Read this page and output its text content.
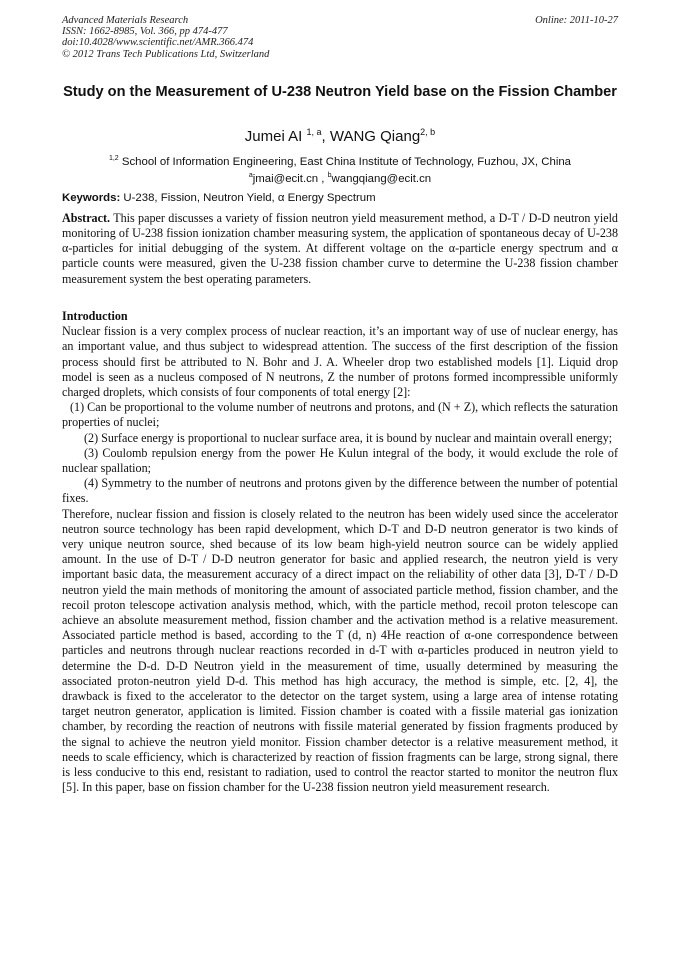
Advanced Materials Research
ISSN: 1662-8985, Vol. 366, pp 474-477
doi:10.4028/www.scientific.net/AMR.366.474
© 2012 Trans Tech Publications Ltd, Switzerland
Online: 2011-10-27
Study on the Measurement of U-238 Neutron Yield base on the Fission Chamber
Jumei AI $^{1, a}$, WANG Qiang$^{2, b}$
$^{1,2}$ School of Information Engineering, East China Institute of Technology, Fuzhou, JX, China
$^a$jmai@ecit.cn , $^b$wangqiang@ecit.cn
Keywords: U-238, Fission, Neutron Yield, α Energy Spectrum
Abstract. This paper discusses a variety of fission neutron yield measurement method, a D-T / D-D neutron yield monitoring of U-238 fission ionization chamber measuring system, the application of spontaneous decay of U-238 α-particles for initial debugging of the system. At different voltage on the α-particle energy spectrum and α particle counts were measured, given the U-238 fission chamber curve to determine the U-238 fission chamber measurement system the best operating parameters.
Introduction

Nuclear fission is a very complex process of nuclear reaction, it’s an important way of use of nuclear energy, has an important value, and thus subject to widespread attention. The success of the first description of the fission process should first be attributed to N. Bohr and J. A. Wheeler drop two established models [1]. Liquid drop model is seen as a nucleus composed of N neutrons, Z the number of protons formed incompressible uniformly charged droplets, which consists of four components of total energy [2]:

(1) Can be proportional to the volume number of neutrons and protons, and (N + Z), which reflects the saturation properties of nuclei;

(2) Surface energy is proportional to nuclear surface area, it is bound by nuclear and maintain overall energy;

(3) Coulomb repulsion energy from the power He Kulun integral of the body, it would exclude the role of nuclear spallation;

(4) Symmetry to the number of neutrons and protons given by the difference between the number of potential fixes.

Therefore, nuclear fission and fission is closely related to the neutron has been widely used since the accelerator neutron source technology has been rapid development, which D-T and D-D neutron generator is two kinds of very unique neutron source, shed because of its low beam high-yield neutron source can be widely applied amount. In the use of D-T / D-D neutron generator for basic and applied research, the neutron yield is very important basic data, the measurement accuracy of a direct impact on the reliability of other data [3], D-T / D-D neutron yield the main methods of monitoring the amount of associated particle method, fission chamber, and the recoil proton telescope activation analysis method, which, with the particle method, recoil proton telescope can achieve an absolute measurement method, fission chamber and the activation method is a relative measurement. Associated particle method is based, according to the T (d, n) 4He reaction of α-one correspondence between particles and neutrons through nuclear reactions recorded in d-T with α-particles produced in neutron yield to determine the D-d. D-D Neutron yield in the measurement of time, usually determined by measuring the associated proton-neutron yield D-d. This method has high accuracy, the method is simple, etc. [2, 4], the drawback is fixed to the accelerator to the detector on the target system, using a large area of intense rotating target neutron generator, application is limited. Fission chamber is coated with a fissile material gas ionization chamber, by recording the reaction of neutrons with fissile material generated by fission fragments produced by the signal to achieve the neutron yield monitor. Fission chamber detector is a relative measurement method, it needs to scale efficiency, which is characterized by reaction of fission fragments can be large, strong signal, there is less conducive to this end, resistant to radiation, used to control the reactor started to monitor the neutron flux [5]. In this paper, base on fission chamber for the U-238 fission neutron yield measurement research.
